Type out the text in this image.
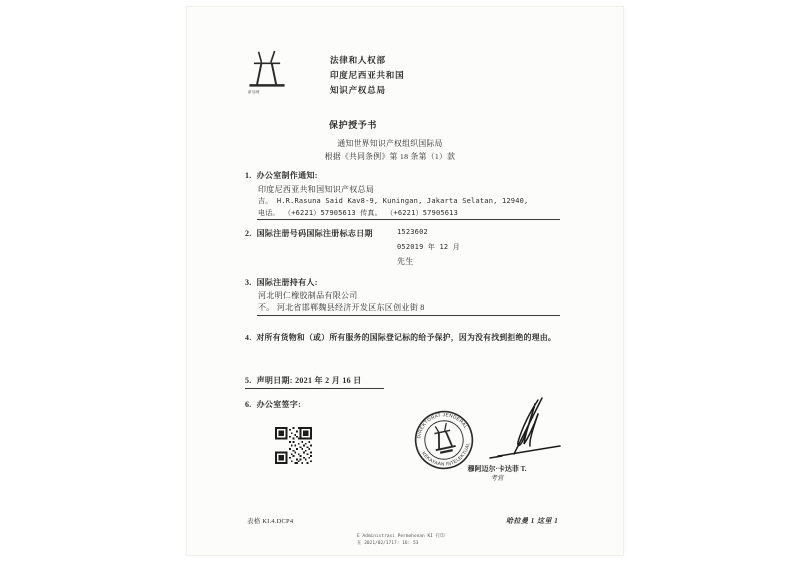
新加坡
法律和人权部
印度尼西亚共和国
知识产权总局
保护授予书
通知世界知识产权组织国际局
根据《共同条例》第 18 条第（1）款
1. 办公室制作通知:
印度尼西亚共和国知识产权总局
吉。 H.R.Rasuna Said Kav8-9, Kuningan, Jakarta Selatan, 12940,
电话。 （+6221）57905613 传真。 （+6221）57905613
2. 国际注册号码国际注册标志日期	1523602
052019 年 12 月
先生
3. 国际注册持有人:
河北明仁橡胶制品有限公司
不。 河北省邯郸魏县经济开发区东区创业街 8
4. 对所有货物和（或）所有服务的国际登记标的给予保护，因为没有找到拒绝的理由。
5. 声明日期: 2021 年 2 月 16 日
6. 办公室签字:
DIREKTORAT JENDERAL
KEKAYAAN INTELEKTUAL
穆阿迈尔·卡达菲 T.
考官
表格 KI.4.DCP4	哈拉曼 1 这里 1
E Administrasi Permohonan KI 打印
在 2021/02/1717: 16: 53
